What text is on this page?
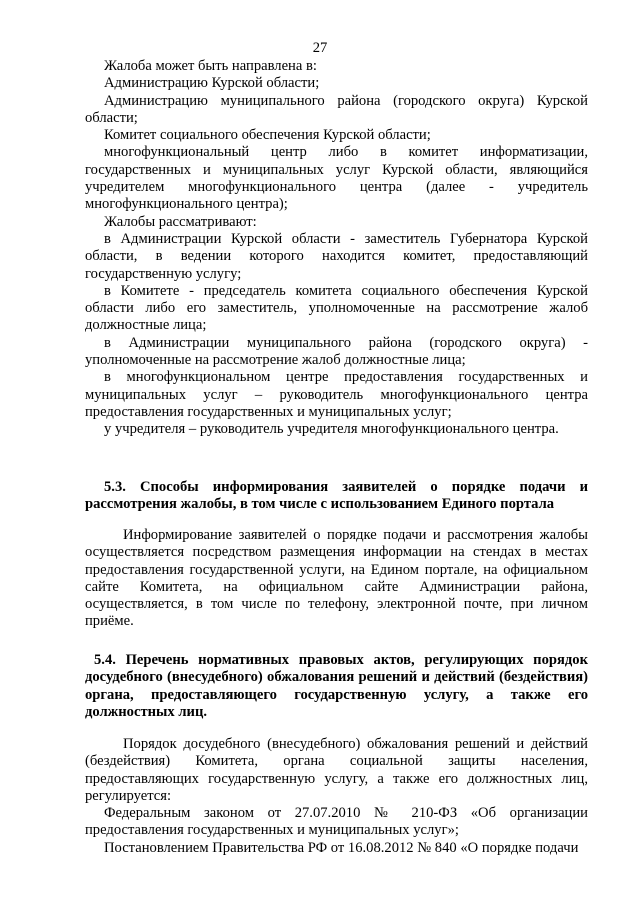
27

Жалоба может быть направлена в:

Администрацию Курской области;

Администрацию муниципального района (городского округа) Курской области;

Комитет социального обеспечения Курской области;

многофункциональный центр либо в комитет информатизации, государственных и муниципальных услуг Курской области, являющийся учредителем многофункционального центра (далее - учредитель многофункционального центра);

Жалобы рассматривают:

в Администрации Курской области - заместитель Губернатора Курской области, в ведении которого находится комитет, предоставляющий государственную услугу;

в Комитете - председатель комитета социального обеспечения Курской области либо его заместитель, уполномоченные на рассмотрение жалоб должностные лица;

в Администрации муниципального района (городского округа) - уполномоченные на рассмотрение жалоб должностные лица;

в многофункциональном центре предоставления государственных и муниципальных услуг – руководитель многофункционального центра предоставления государственных и муниципальных услуг;

у учредителя – руководитель учредителя многофункционального центра.

5.3. Способы информирования заявителей о порядке подачи и рассмотрения жалобы, в том числе с использованием Единого портала

Информирование заявителей о порядке подачи и рассмотрения жалобы осуществляется посредством размещения информации на стендах в местах предоставления государственной услуги, на Едином портале, на официальном сайте Комитета, на официальном сайте Администрации района, осуществляется, в том числе по телефону, электронной почте, при личном приёме.

5.4. Перечень нормативных правовых актов, регулирующих порядок досудебного (внесудебного) обжалования решений и действий (бездействия) органа, предоставляющего государственную услугу, а также его должностных лиц.

Порядок досудебного (внесудебного) обжалования решений и действий (бездействия) Комитета, органа социальной защиты населения, предоставляющих государственную услугу, а также его должностных лиц, регулируется:

Федеральным законом от 27.07.2010 № 210-ФЗ «Об организации предоставления государственных и муниципальных услуг»;

Постановлением Правительства РФ от 16.08.2012 № 840 «О порядке подачи
